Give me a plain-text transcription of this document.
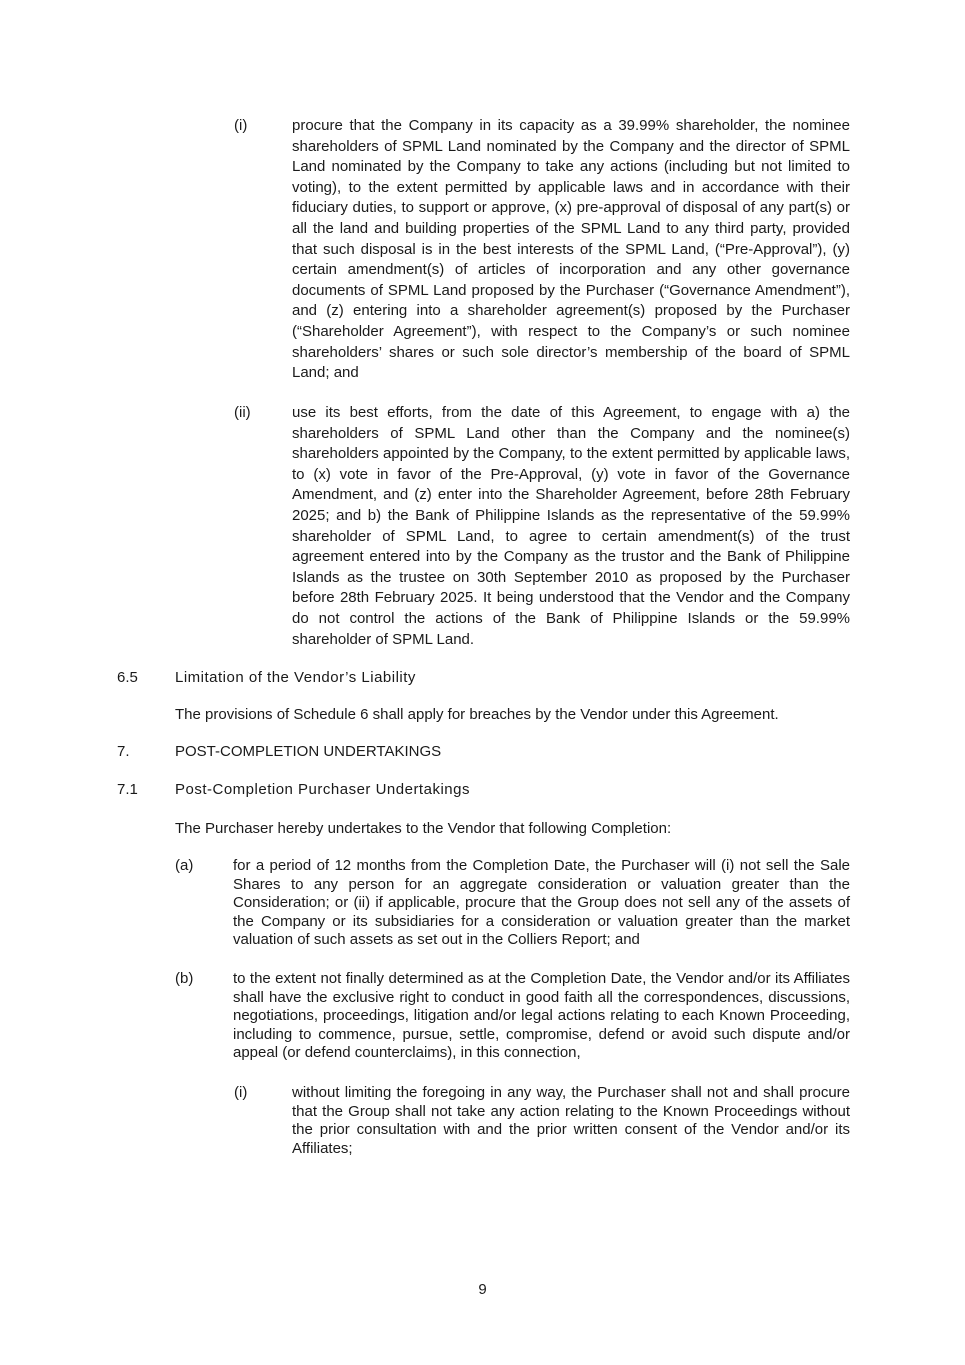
(i)	procure that the Company in its capacity as a 39.99% shareholder, the nominee shareholders of SPML Land nominated by the Company and the director of SPML Land nominated by the Company to take any actions (including but not limited to voting), to the extent permitted by applicable laws and in accordance with their fiduciary duties, to support or approve, (x) pre-approval of disposal of any part(s) or all the land and building properties of the SPML Land to any third party, provided that such disposal is in the best interests of the SPML Land, (“Pre-Approval”), (y) certain amendment(s) of articles of incorporation and any other governance documents of SPML Land proposed by the Purchaser (“Governance Amendment”), and (z) entering into a shareholder agreement(s) proposed by the Purchaser (“Shareholder Agreement”), with respect to the Company’s or such nominee shareholders’ shares or such sole director’s membership of the board of SPML Land; and
(ii)	use its best efforts, from the date of this Agreement, to engage with a) the shareholders of SPML Land other than the Company and the nominee(s) shareholders appointed by the Company, to the extent permitted by applicable laws, to (x) vote in favor of the Pre-Approval, (y) vote in favor of the Governance Amendment, and (z) enter into the Shareholder Agreement, before 28th February 2025; and b) the Bank of Philippine Islands as the representative of the 59.99% shareholder of SPML Land, to agree to certain amendment(s) of the trust agreement entered into by the Company as the trustor and the Bank of Philippine Islands as the trustee on 30th September 2010 as proposed by the Purchaser before 28th February 2025. It being understood that the Vendor and the Company do not control the actions of the Bank of Philippine Islands or the 59.99% shareholder of SPML Land.
6.5 Limitation of the Vendor’s Liability
The provisions of Schedule 6 shall apply for breaches by the Vendor under this Agreement.
7.	POST-COMPLETION UNDERTAKINGS
7.1 Post-Completion Purchaser Undertakings
The Purchaser hereby undertakes to the Vendor that following Completion:
(a)	for a period of 12 months from the Completion Date, the Purchaser will (i) not sell the Sale Shares to any person for an aggregate consideration or valuation greater than the Consideration; or (ii) if applicable, procure that the Group does not sell any of the assets of the Company or its subsidiaries for a consideration or valuation greater than the market valuation of such assets as set out in the Colliers Report; and
(b)	to the extent not finally determined as at the Completion Date, the Vendor and/or its Affiliates shall have the exclusive right to conduct in good faith all the correspondences, discussions, negotiations, proceedings, litigation and/or legal actions relating to each Known Proceeding, including to commence, pursue, settle, compromise, defend or avoid such dispute and/or appeal (or defend counterclaims), in this connection,
(i)	without limiting the foregoing in any way, the Purchaser shall not and shall procure that the Group shall not take any action relating to the Known Proceedings without the prior consultation with and the prior written consent of the Vendor and/or its Affiliates;
9
